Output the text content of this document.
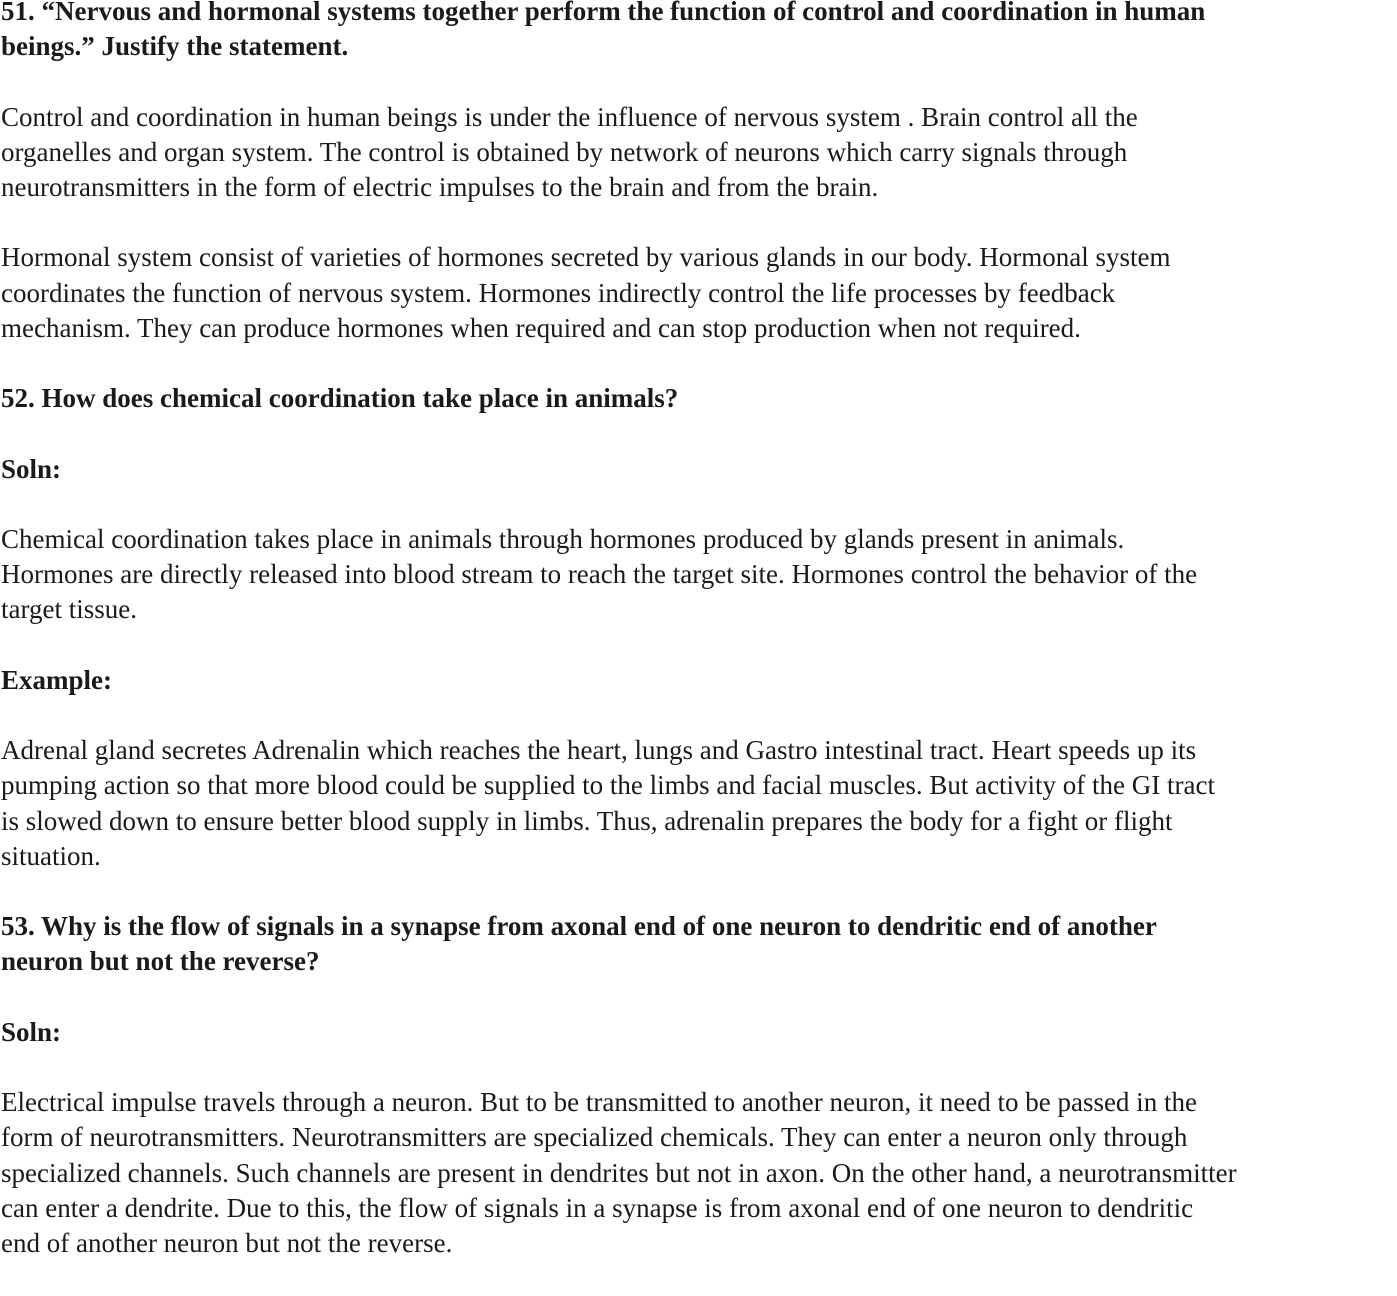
51. “Nervous and hormonal systems together perform the function of control and coordination in human
beings.” Justify the statement.

Control and coordination in human beings is under the influence of nervous system . Brain control all the
organelles and organ system. The control is obtained by network of neurons which carry signals through
neurotransmitters in the form of electric impulses to the brain and from the brain.

Hormonal system consist of varieties of hormones secreted by various glands in our body. Hormonal system
coordinates the function of nervous system. Hormones indirectly control the life processes by feedback
mechanism. They can produce hormones when required and can stop production when not required.

52. How does chemical coordination take place in animals?

Soln:

Chemical coordination takes place in animals through hormones produced by glands present in animals.
Hormones are directly released into blood stream to reach the target site. Hormones control the behavior of the
target tissue.

Example:

Adrenal gland secretes Adrenalin which reaches the heart, lungs and Gastro intestinal tract. Heart speeds up its
pumping action so that more blood could be supplied to the limbs and facial muscles. But activity of the GI tract
is slowed down to ensure better blood supply in limbs. Thus, adrenalin prepares the body for a fight or flight
situation.

53. Why is the flow of signals in a synapse from axonal end of one neuron to dendritic end of another
neuron but not the reverse?

Soln:

Electrical impulse travels through a neuron. But to be transmitted to another neuron, it need to be passed in the
form of neurotransmitters. Neurotransmitters are specialized chemicals. They can enter a neuron only through
specialized channels. Such channels are present in dendrites but not in axon. On the other hand, a neurotransmitter
can enter a dendrite. Due to this, the flow of signals in a synapse is from axonal end of one neuron to dendritic
end of another neuron but not the reverse.
